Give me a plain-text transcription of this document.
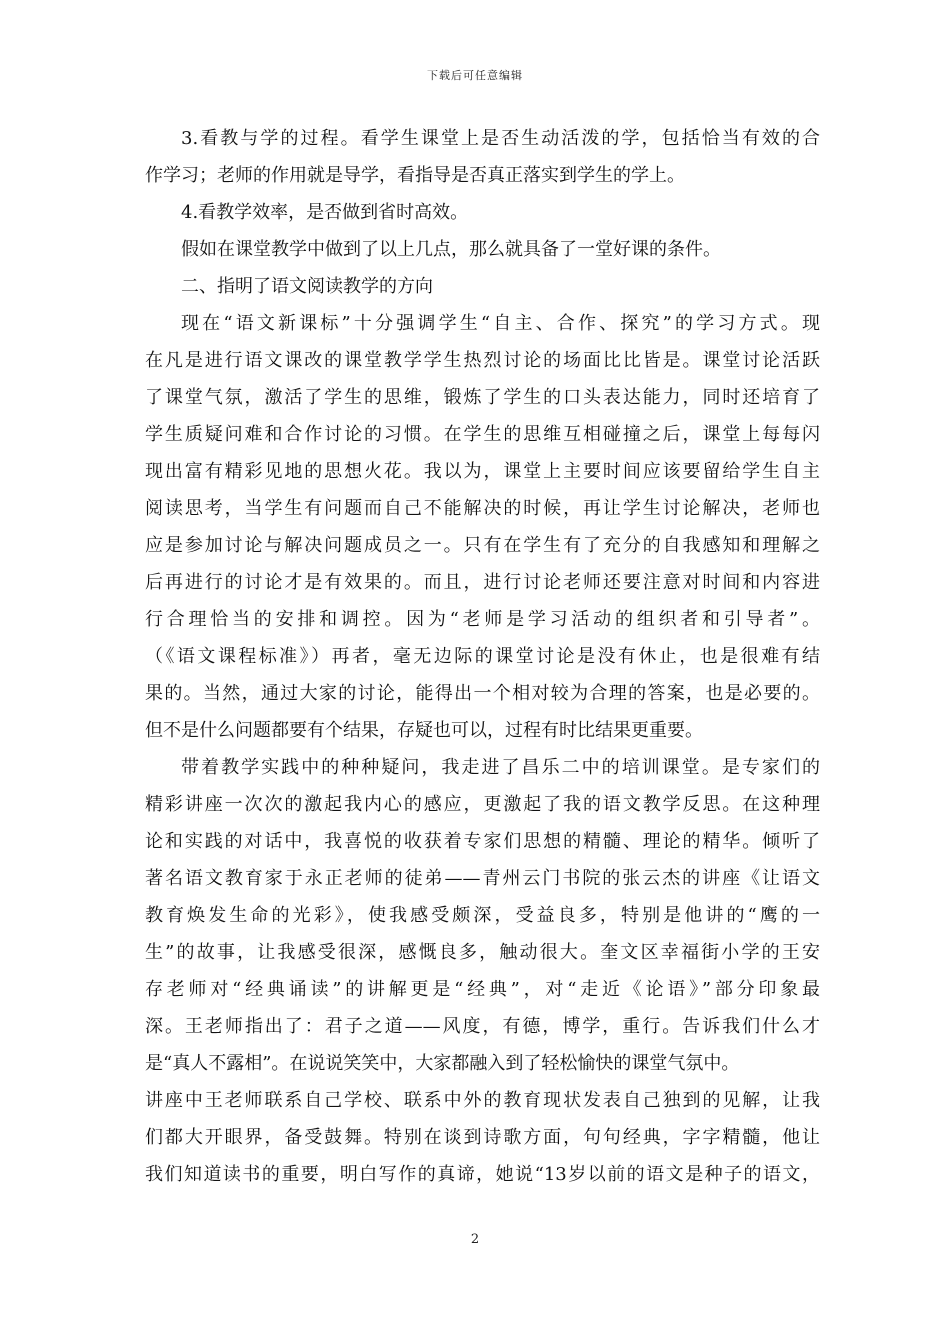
下载后可任意编辑
3.看教与学的过程。看学生课堂上是否生动活泼的学，包括恰当有效的合
作学习；老师的作用就是导学，看指导是否真正落实到学生的学上。
4.看教学效率，是否做到省时高效。
假如在课堂教学中做到了以上几点，那么就具备了一堂好课的条件。
二、指明了语文阅读教学的方向
现在“语文新课标”十分强调学生“自主、合作、探究”的学习方式。现
在凡是进行语文课改的课堂教学学生热烈讨论的场面比比皆是。课堂讨论活跃
了课堂气氛，激活了学生的思维，锻炼了学生的口头表达能力，同时还培育了
学生质疑问难和合作讨论的习惯。在学生的思维互相碰撞之后，课堂上每每闪
现出富有精彩见地的思想火花。我以为，课堂上主要时间应该要留给学生自主
阅读思考，当学生有问题而自己不能解决的时候，再让学生讨论解决，老师也
应是参加讨论与解决问题成员之一。只有在学生有了充分的自我感知和理解之
后再进行的讨论才是有效果的。而且，进行讨论老师还要注意对时间和内容进
行合理恰当的安排和调控。因为“老师是学习活动的组织者和引导者”。
（《语文课程标准》）再者，毫无边际的课堂讨论是没有休止，也是很难有结
果的。当然，通过大家的讨论，能得出一个相对较为合理的答案，也是必要的。
但不是什么问题都要有个结果，存疑也可以，过程有时比结果更重要。
带着教学实践中的种种疑问，我走进了昌乐二中的培训课堂。是专家们的
精彩讲座一次次的激起我内心的感应，更激起了我的语文教学反思。在这种理
论和实践的对话中，我喜悦的收获着专家们思想的精髓、理论的精华。倾听了
著名语文教育家于永正老师的徒弟——青州云门书院的张云杰的讲座《让语文
教育焕发生命的光彩》，使我感受颇深，受益良多，特别是他讲的“鹰的一
生”的故事，让我感受很深，感慨良多，触动很大。奎文区幸福街小学的王安
存老师对“经典诵读”的讲解更是“经典”，对“走近《论语》”部分印象最
深。王老师指出了：君子之道——风度，有德，博学，重行。告诉我们什么才
是“真人不露相”。在说说笑笑中，大家都融入到了轻松愉快的课堂气氛中。
讲座中王老师联系自己学校、联系中外的教育现状发表自己独到的见解，让我
们都大开眼界，备受鼓舞。特别在谈到诗歌方面，句句经典，字字精髓，他让
我们知道读书的重要，明白写作的真谛，她说“13岁以前的语文是种子的语文，
2
